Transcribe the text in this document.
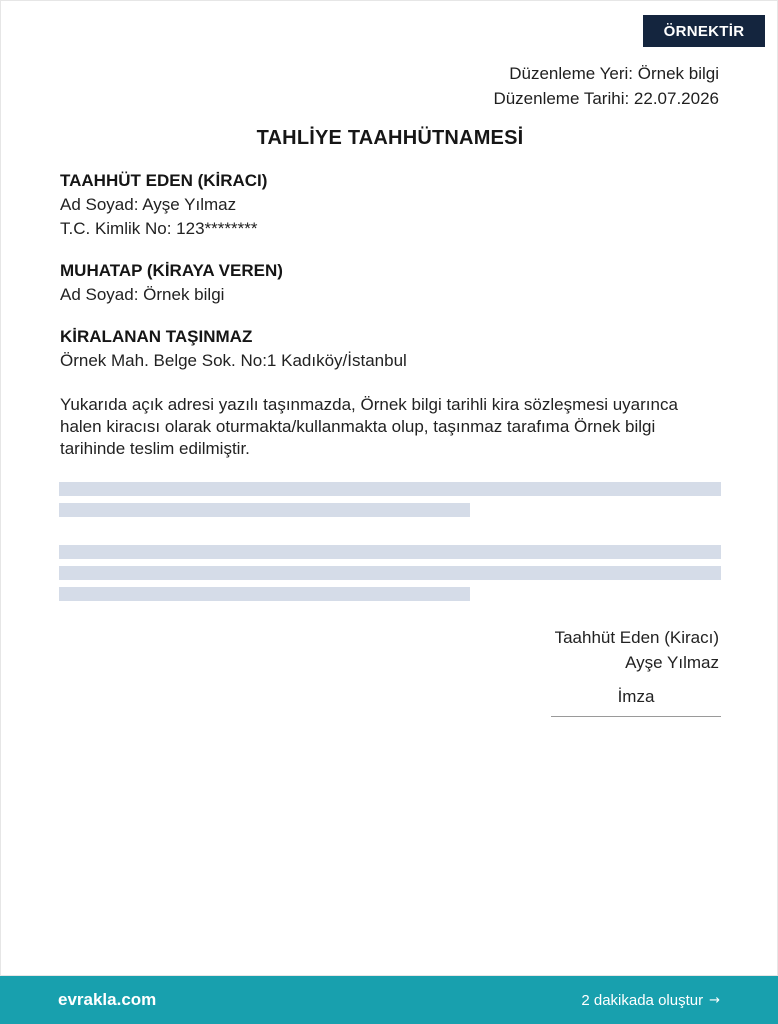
ÖRNEKTİR
Düzenleme Yeri: Örnek bilgi
Düzenleme Tarihi: 22.07.2026
TAHLİYE TAAHHÜTNAMESİ
TAAHHÜT EDEN (KİRACI)
Ad Soyad: Ayşe Yılmaz
T.C. Kimlik No: 123********
MUHATAP (KİRAYA VEREN)
Ad Soyad: Örnek bilgi
KİRALANAN TAŞINMAZ
Örnek Mah. Belge Sok. No:1 Kadıköy/İstanbul
Yukarıda açık adresi yazılı taşınmazda, Örnek bilgi tarihli kira sözleşmesi uyarınca halen kiracısı olarak oturmakta/kullanmakta olup, taşınmaz tarafıma Örnek bilgi tarihinde teslim edilmiştir.
Taahhüt Eden (Kiracı)
Ayşe Yılmaz
İmza
evrakla.com	2 dakikada oluştur →
